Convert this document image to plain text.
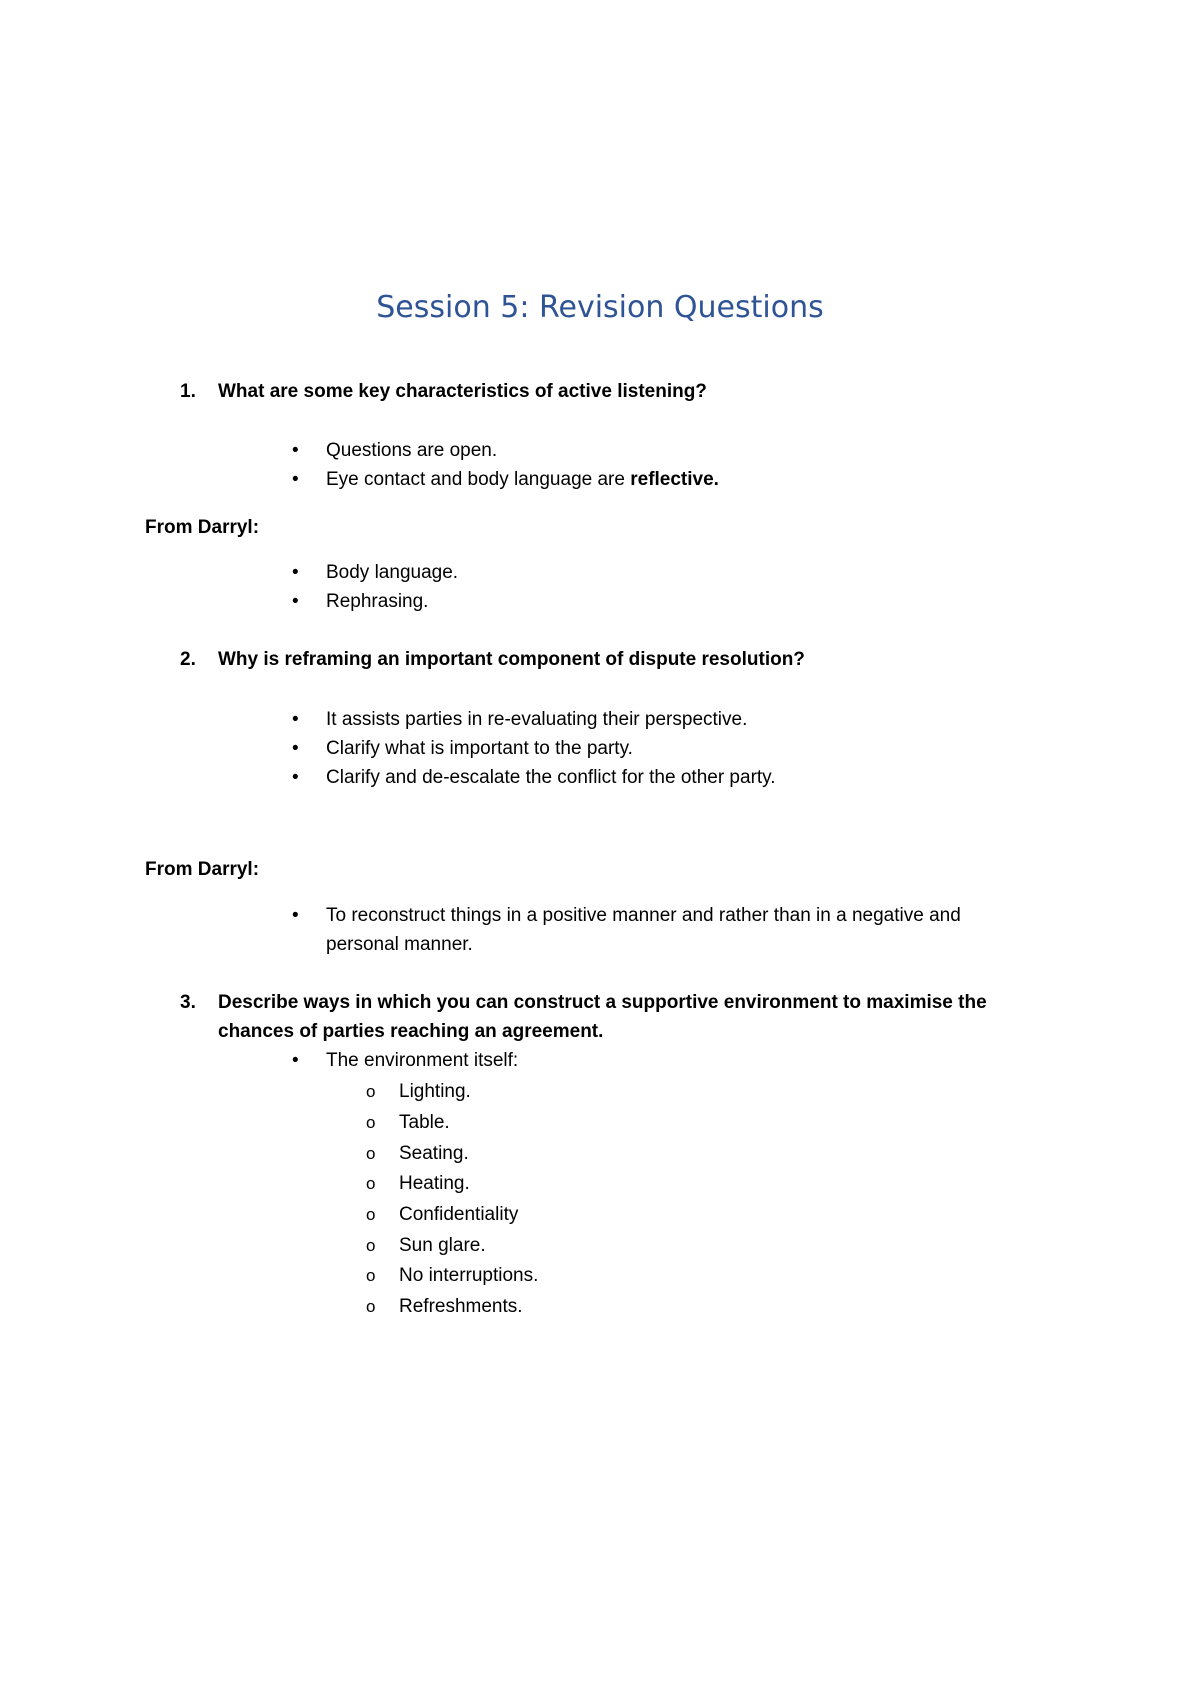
Session 5: Revision Questions
1.	What are some key characteristics of active listening?
• Questions are open.
• Eye contact and body language are reflective.
From Darryl:
• Body language.
• Rephrasing.
2.	Why is reframing an important component of dispute resolution?
• It assists parties in re-evaluating their perspective.
• Clarify what is important to the party.
• Clarify and de-escalate the conflict for the other party.
From Darryl:
• To reconstruct things in a positive manner and rather than in a negative and
personal manner.
3.	Describe ways in which you can construct a supportive environment to maximise the
chances of parties reaching an agreement.
• The environment itself:
o Lighting.
o Table.
o Seating.
o Heating.
o Confidentiality
o Sun glare.
o No interruptions.
o Refreshments.
